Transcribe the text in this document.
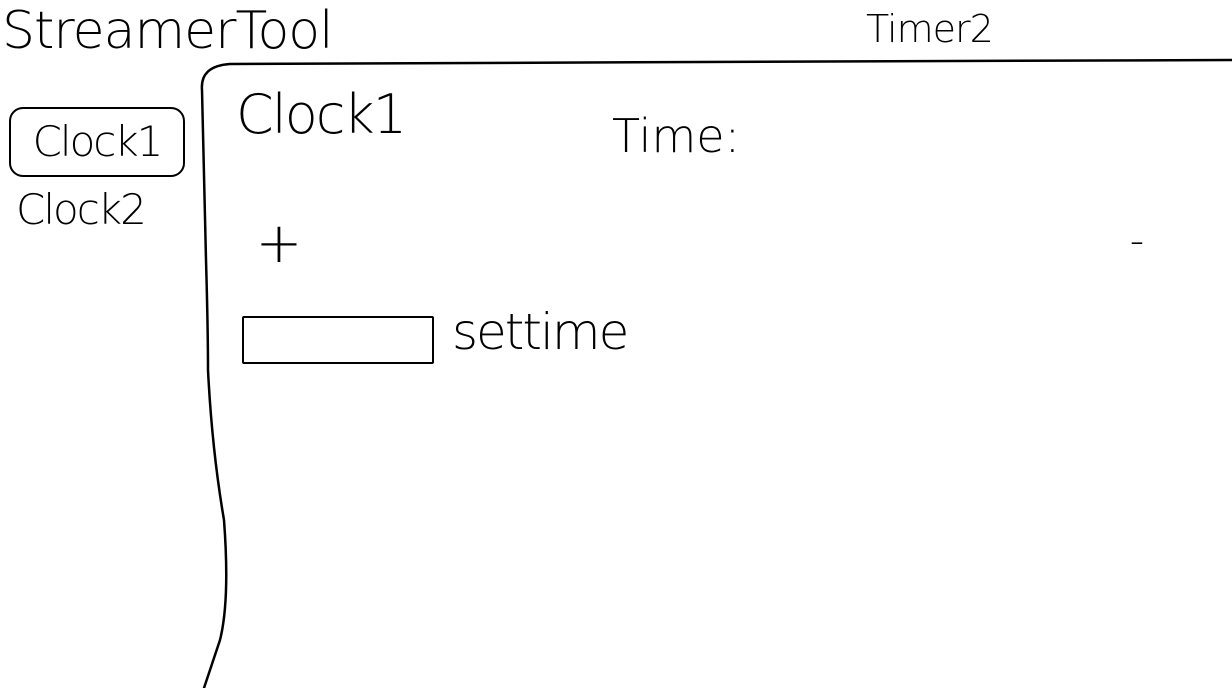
StreamerTool	Timer2
Clock1
Clock2
Clock1	Time:
+	-
settime
